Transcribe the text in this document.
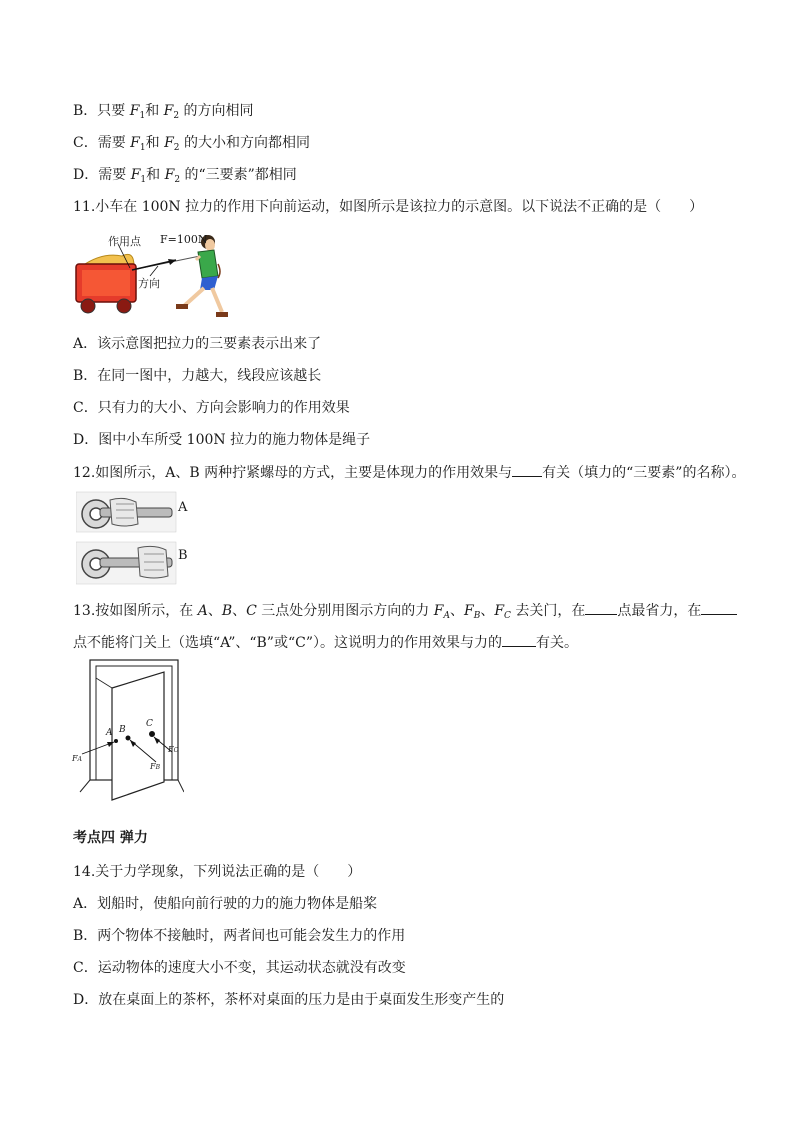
B．只要 $F_1$和 $F_2$ 的方向相同
C．需要 $F_1$和 $F_2$ 的大小和方向都相同
D．需要 $F_1$和 $F_2$ 的“三要素”都相同
11.小车在 100N 拉力的作用下向前运动，如图所示是该拉力的示意图。以下说法不正确的是（　　）
作用点 F=100N
方向
A．该示意图把拉力的三要素表示出来了
B．在同一图中，力越大，线段应该越长
C．只有力的大小、方向会影响力的作用效果
D．图中小车所受 100N 拉力的施力物体是绳子
12.如图所示，A、B 两种拧紧螺母的方式，主要是体现力的作用效果与 有关（填力的“三要素”的名称）。
A
B
13.按如图所示，在 A、B、C 三点处分别用图示方向的力 $F_A$、$F_B$、$F_C$ 去关门，在 点最省力，在
点不能将门关上（选填“A”、“B”或“C”）。这说明力的作用效果与力的 有关。
A B
C
FA
FB
FC
考点四 弹力
14.关于力学现象，下列说法正确的是（　　）
A．划船时，使船向前行驶的力的施力物体是船桨
B．两个物体不接触时，两者间也可能会发生力的作用
C．运动物体的速度大小不变，其运动状态就没有改变
D．放在桌面上的茶杯，茶杯对桌面的压力是由于桌面发生形变产生的
